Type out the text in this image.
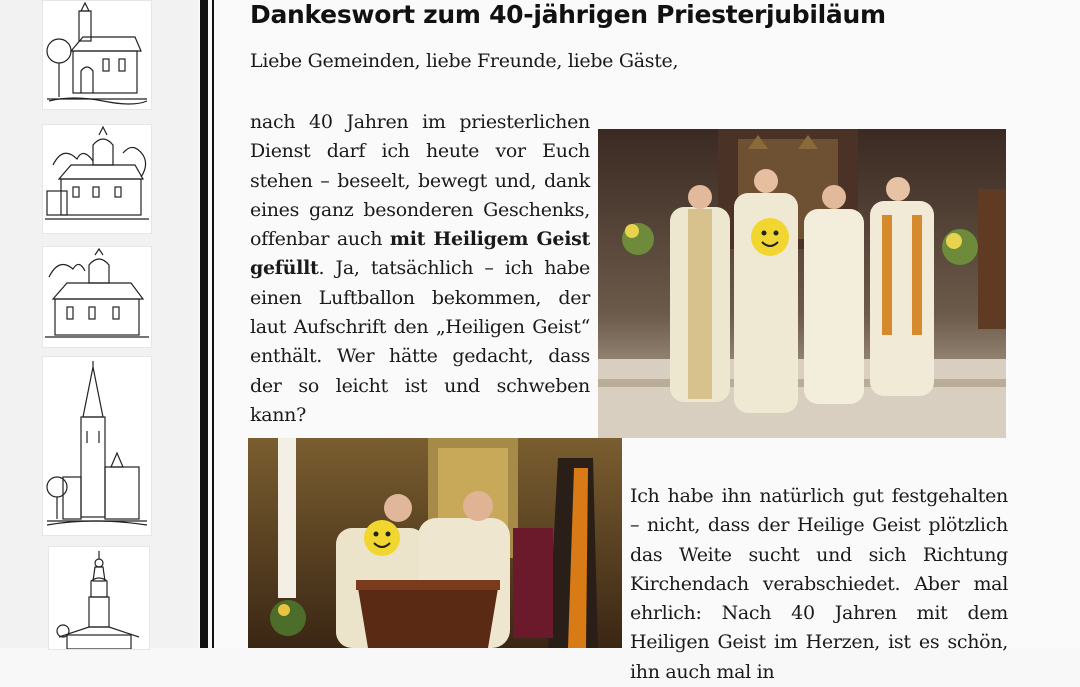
Dankeswort zum 40-jährigen Priesterjubiläum
Liebe Gemeinden, liebe Freunde, liebe Gäste,
nach 40 Jahren im priesterlichen Dienst darf ich heute vor Euch stehen – beseelt, bewegt und, dank eines ganz besonderen Geschenks, offenbar auch mit Heiligem Geist gefüllt. Ja, tatsächlich – ich habe einen Luftballon bekommen, der laut Aufschrift den „Heiligen Geist“ enthält. Wer hätte gedacht, dass der so leicht ist und schweben kann?
Ich habe ihn natürlich gut festgehalten – nicht, dass der Heilige Geist plötzlich das Weite sucht und sich Richtung Kirchendach verabschiedet. Aber mal ehrlich: Nach 40 Jahren mit dem Heiligen Geist im Herzen, ist es schön, ihn auch mal in
